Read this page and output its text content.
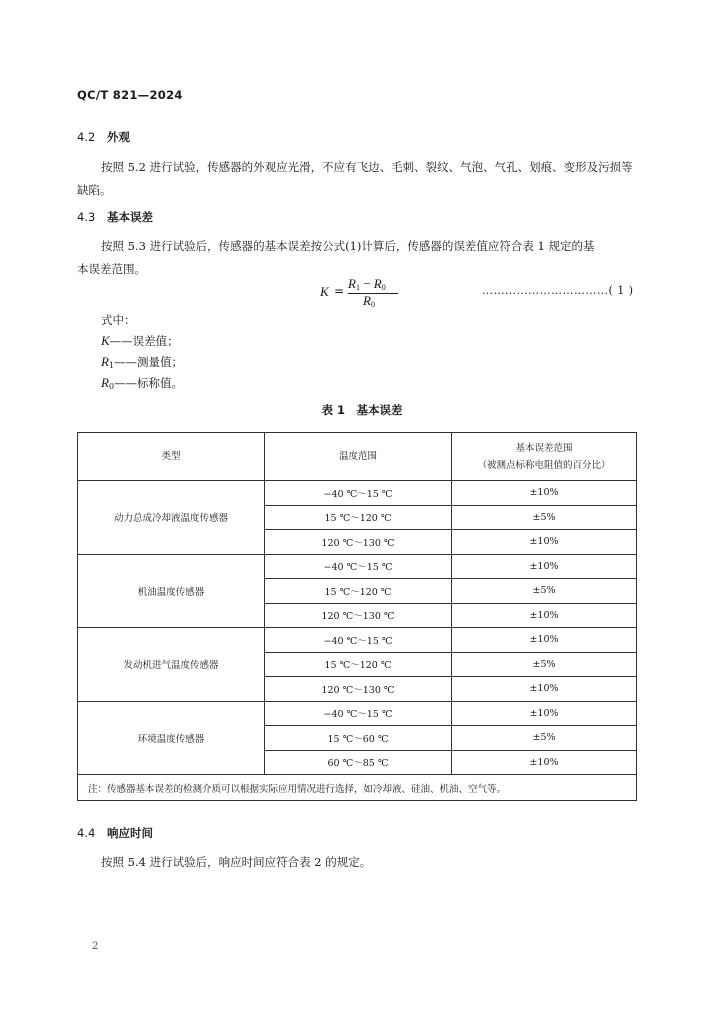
QC/T 821—2024
4.2 外观
按照 5.2 进行试验，传感器的外观应光滑，不应有飞边、毛刺、裂纹、气泡、气孔、划痕、变形及污损等
缺陷。
4.3 基本误差
按照 5.3 进行试验后，传感器的基本误差按公式(1)计算后，传感器的误差值应符合表 1 规定的基
本误差范围。
$K = R_1 - R_0$
$R_0$
……………………………( 1 )
式中：
K——误差值；
$R_1——$测量值；
$R_0——$标称值。
表 1　基本误差
类型	温度范围	基本误差范围
（被测点标称电阻值的百分比）

动力总成冷却液温度传感器	−40 ℃～15 ℃	±10%
	15 ℃～120 ℃	±5%
	120 ℃～130 ℃	±10%
机油温度传感器	−40 ℃～15 ℃	±10%
	15 ℃～120 ℃	±5%
	120 ℃～130 ℃	±10%
发动机进气温度传感器	−40 ℃～15 ℃	±10%
	15 ℃～120 ℃	±5%
	120 ℃～130 ℃	±10%
环境温度传感器	−40 ℃～15 ℃	±10%
	15 ℃～60 ℃	±5%
	60 ℃～85 ℃	±10%
注：传感器基本误差的检测介质可以根据实际应用情况进行选择，如冷却液、硅油、机油、空气等。		
4.4 响应时间
按照 5.4 进行试验后，响应时间应符合表 2 的规定。
2
